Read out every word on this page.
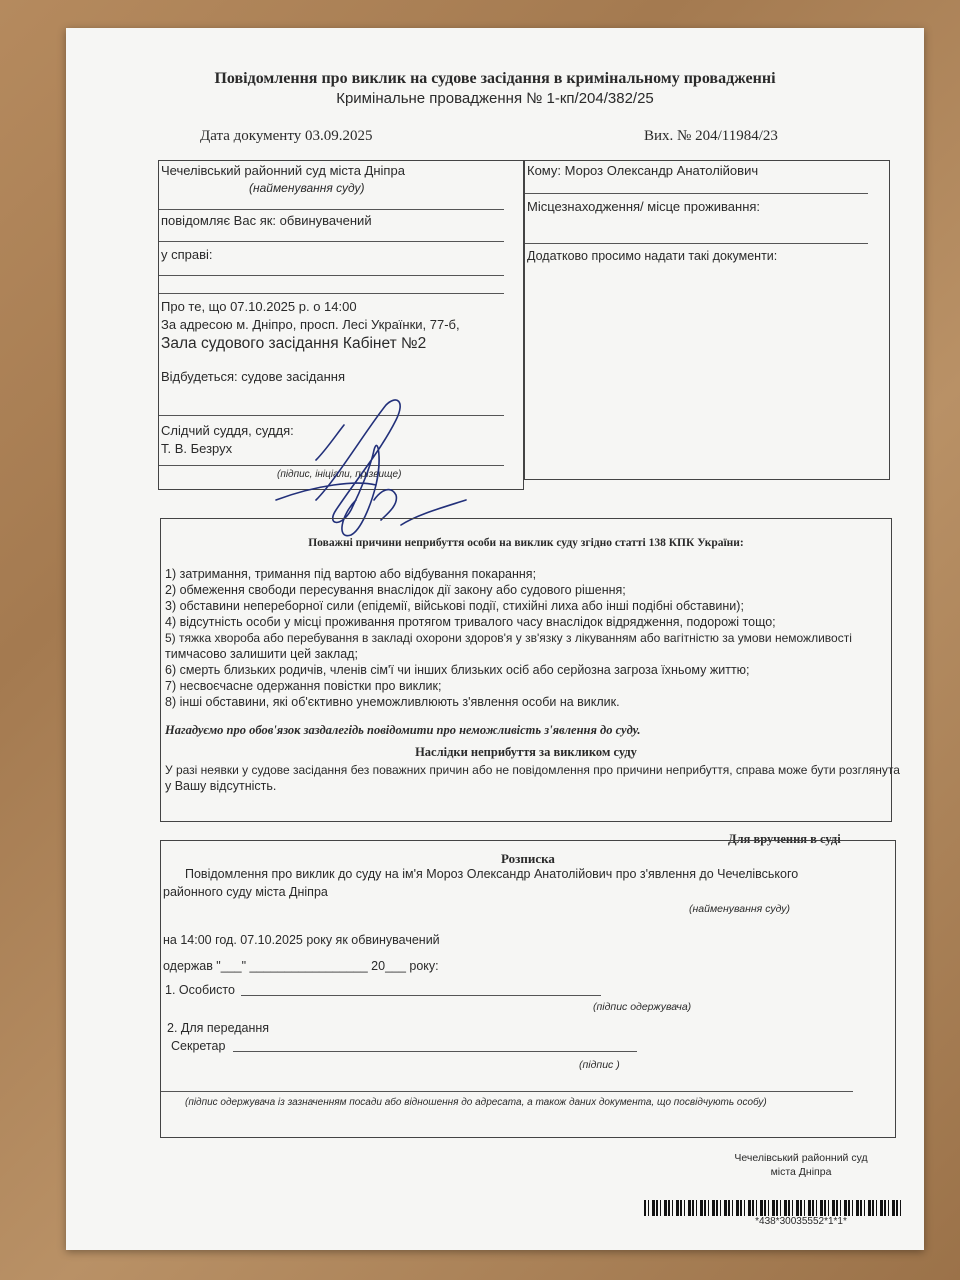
Повідомлення про виклик на судове засідання в кримінальному провадженні
Кримінальне провадження № 1-кп/204/382/25
Дата документу 03.09.2025	Вих. № 204/11984/23
Чечелівський районний суд міста Дніпра
(найменування суду)
повідомляє Вас як: обвинувачений
у справі:
Про те, що 07.10.2025 р. о 14:00
За адресою м. Дніпро, просп. Лесі Українки, 77-б,
Зала судового засідання Кабінет №2
Відбудеться: судове засідання
Слідчий суддя, суддя:
Т. В. Безрух
(підпис, ініціали, прізвище)
Кому: Мороз Олександр Анатолійович
Місцезнаходження/ місце проживання:
Додатково просимо надати такі документи:
Поважні причини неприбуття особи на виклик суду згідно статті 138 КПК України:
1) затримання, тримання під вартою або відбування покарання;
2) обмеження свободи пересування внаслідок дії закону або судового рішення;
3) обставини непереборної сили (епідемії, військові події, стихійні лиха або інші подібні обставини);
4) відсутність особи у місці проживання протягом тривалого часу внаслідок відрядження, подорожі тощо;
5) тяжка хвороба або перебування в закладі охорони здоров'я у зв'язку з лікуванням або вагітністю за умови неможливості
тимчасово залишити цей заклад;
6) смерть близьких родичів, членів сім'ї чи інших близьких осіб або серйозна загроза їхньому життю;
7) несвоєчасне одержання повістки про виклик;
8) інші обставини, які об'єктивно унеможливлюють з'явлення особи на виклик.
Нагадуємо про обов'язок заздалегідь повідомити про неможливість з'явлення до суду.
Наслідки неприбуття за викликом суду
У разі неявки у судове засідання без поважних причин або не повідомлення про причини неприбуття, справа може бути розглянута
у Вашу відсутність.
Для вручення в суді
Розписка
Повідомлення про виклик до суду на ім'я Мороз Олександр Анатолійович про з'явлення до Чечелівського
районного суду міста Дніпра
(найменування суду)
на 14:00 год. 07.10.2025 року як обвинувачений
одержав "___" _________________ 20___ року:
1. Особисто
(підпис одержувача)
2. Для передання
Секретар
(підпис )
(підпис одержувача із зазначенням посади або відношення до адресата, а також даних документа, що посвідчують особу)
Чечелівський районний суд
міста Дніпра
*438*30035552*1*1*
